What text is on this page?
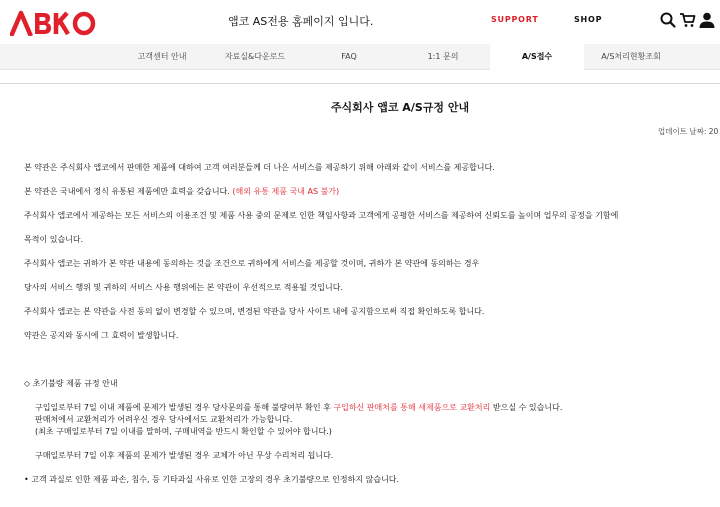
앱코 AS전용 홈페이지 입니다.	SUPPORT	SHOP
고객센터 안내	자료실&다운로드	FAQ	1:1 문의	A/S접수	A/S처리현황조회
주식회사 앱코 A/S규정 안내
업데이트 날짜: 20
본 약관은 주식회사 앱코에서 판매한 제품에 대하여 고객 여러분들께 더 나은 서비스를 제공하기 위해 아래와 같이 서비스를 제공합니다.
본 약관은 국내에서 정식 유통된 제품에만 효력을 갖습니다. (해외 유통 제품 국내 AS 불가)
주식회사 앱코에서 제공하는 모든 서비스의 이용조건 및 제품 사용 중의 문제로 인한 책임사항과 고객에게 공평한 서비스를 제공하여 신뢰도를 높이며 업무의 공정을 기함에
목적이 있습니다.
주식회사 앱코는 귀하가 본 약관 내용에 동의하는 것을 조건으로 귀하에게 서비스를 제공할 것이며, 귀하가 본 약관에 동의하는 경우
당사의 서비스 행위 및 귀하의 서비스 사용 행위에는 본 약관이 우선적으로 적용될 것입니다.
주식회사 앱코는 본 약관을 사전 동의 없이 변경할 수 있으며, 변경된 약관을 당사 사이트 내에 공지함으로써 직접 확인하도록 합니다.
약관은 공지와 동시에 그 효력이 발생합니다.
◇ 초기불량 제품 규정 안내
구입일로부터 7일 이내 제품에 문제가 발생된 경우 당사문의를 통해 불량여부 확인 후 구입하신 판매처를 통해 새제품으로 교환처리 받으실 수 있습니다.
판매처에서 교환처리가 어려우신 경우 당사에서도 교환처리가 가능합니다.
(최초 구매일로부터 7일 이내를 말하며, 구매내역을 반드시 확인할 수 있어야 합니다.)
구매일로부터 7일 이후 제품의 문제가 발생된 경우 교체가 아닌 무상 수리처리 됩니다.
• 고객 과실로 인한 제품 파손, 침수, 등 기타과실 사유로 인한 고장의 경우 초기불량으로 인정하지 않습니다.
